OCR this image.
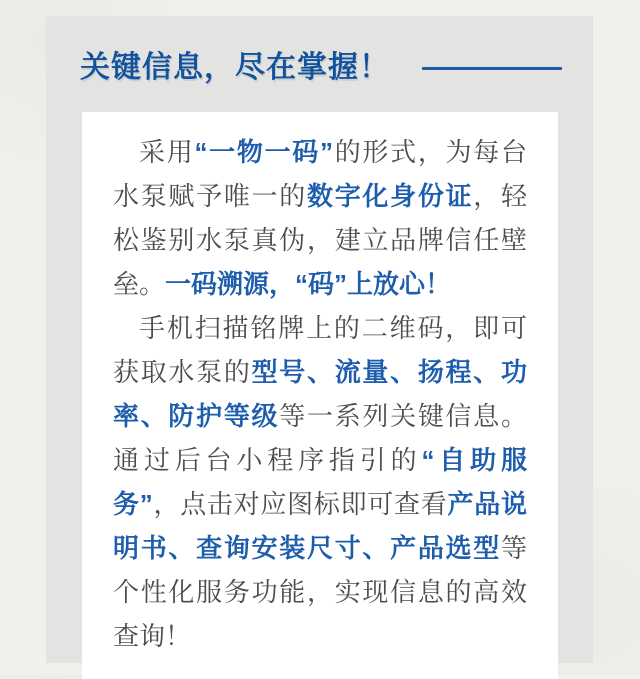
关键信息，尽在掌握！

采用“一物一码”的形式，为每台水泵赋予唯一的数字化身份证，轻松鉴别水泵真伪，建立品牌信任壁垒。一码溯源，“码”上放心！

手机扫描铭牌上的二维码，即可获取水泵的型号、流量、扬程、功率、防护等级等一系列关键信息。通过后台小程序指引的“自助服务”，点击对应图标即可查看产品说明书、查询安装尺寸、产品选型等个性化服务功能，实现信息的高效查询！
